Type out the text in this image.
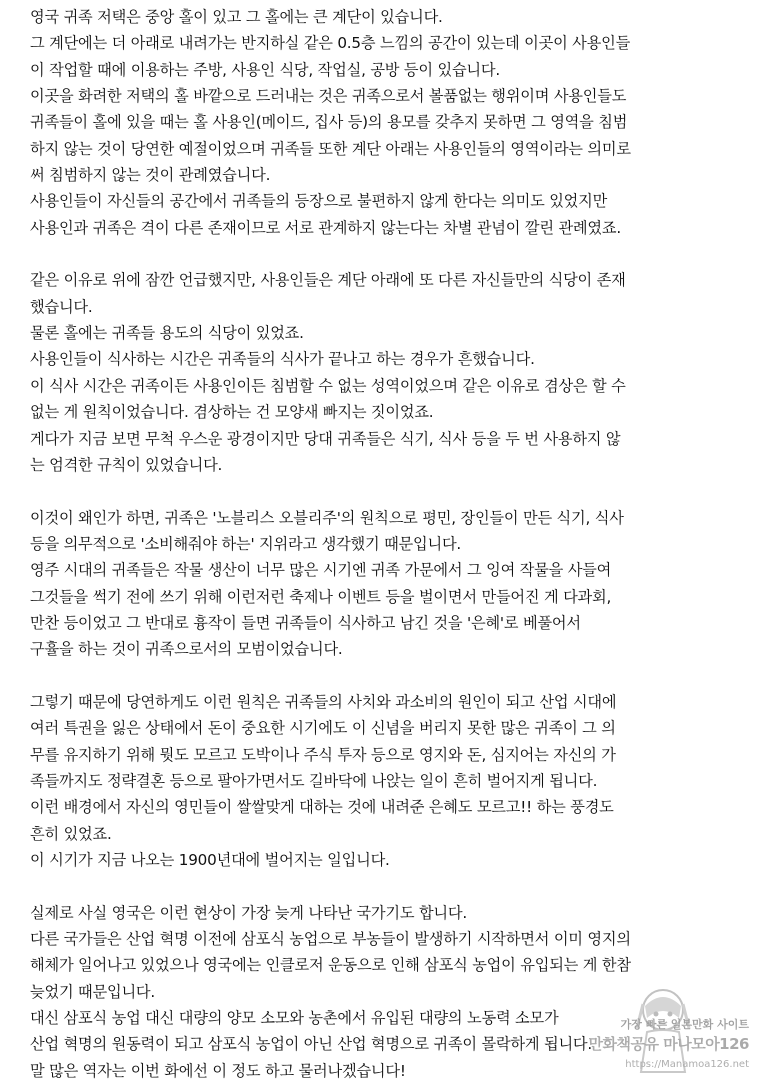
영국 귀족 저택은 중앙 홀이 있고 그 홀에는 큰 계단이 있습니다.
그 계단에는 더 아래로 내려가는 반지하실 같은 0.5층 느낌의 공간이 있는데 이곳이 사용인들
이 작업할 때에 이용하는 주방, 사용인 식당, 작업실, 공방 등이 있습니다.
이곳을 화려한 저택의 홀 바깥으로 드러내는 것은 귀족으로서 볼품없는 행위이며 사용인들도
귀족들이 홀에 있을 때는 홀 사용인(메이드, 집사 등)의 용모를 갖추지 못하면 그 영역을 침범
하지 않는 것이 당연한 예절이었으며 귀족들 또한 계단 아래는 사용인들의 영역이라는 의미로
써 침범하지 않는 것이 관례였습니다.
사용인들이 자신들의 공간에서 귀족들의 등장으로 불편하지 않게 한다는 의미도 있었지만
사용인과 귀족은 격이 다른 존재이므로 서로 관계하지 않는다는 차별 관념이 깔린 관례였죠.
같은 이유로 위에 잠깐 언급했지만, 사용인들은 계단 아래에 또 다른 자신들만의 식당이 존재
했습니다.
물론 홀에는 귀족들 용도의 식당이 있었죠.
사용인들이 식사하는 시간은 귀족들의 식사가 끝나고 하는 경우가 흔했습니다.
이 식사 시간은 귀족이든 사용인이든 침범할 수 없는 성역이었으며 같은 이유로 겸상은 할 수
없는 게 원칙이었습니다. 겸상하는 건 모양새 빠지는 짓이었죠.
게다가 지금 보면 무척 우스운 광경이지만 당대 귀족들은 식기, 식사 등을 두 번 사용하지 않
는 엄격한 규칙이 있었습니다.
이것이 왜인가 하면, 귀족은 '노블리스 오블리주'의 원칙으로 평민, 장인들이 만든 식기, 식사
등을 의무적으로 '소비해줘야 하는' 지위라고 생각했기 때문입니다.
영주 시대의 귀족들은 작물 생산이 너무 많은 시기엔 귀족 가문에서 그 잉여 작물을 사들여
그것들을 썩기 전에 쓰기 위해 이런저런 축제나 이벤트 등을 벌이면서 만들어진 게 다과회,
만찬 등이었고 그 반대로 흉작이 들면 귀족들이 식사하고 남긴 것을 '은혜'로 베풀어서
구휼을 하는 것이 귀족으로서의 모범이었습니다.
그렇기 때문에 당연하게도 이런 원칙은 귀족들의 사치와 과소비의 원인이 되고 산업 시대에
여러 특권을 잃은 상태에서 돈이 중요한 시기에도 이 신념을 버리지 못한 많은 귀족이 그 의
무를 유지하기 위해 뭣도 모르고 도박이나 주식 투자 등으로 영지와 돈, 심지어는 자신의 가
족들까지도 정략결혼 등으로 팔아가면서도 길바닥에 나앉는 일이 흔히 벌어지게 됩니다.
이런 배경에서 자신의 영민들이 쌀쌀맞게 대하는 것에 내려준 은혜도 모르고!! 하는 풍경도
흔히 있었죠.
이 시기가 지금 나오는 1900년대에 벌어지는 일입니다.
실제로 사실 영국은 이런 현상이 가장 늦게 나타난 국가기도 합니다.
다른 국가들은 산업 혁명 이전에 삼포식 농업으로 부농들이 발생하기 시작하면서 이미 영지의
해체가 일어나고 있었으나 영국에는 인클로저 운동으로 인해 삼포식 농업이 유입되는 게 한참
늦었기 때문입니다.
대신 삼포식 농업 대신 대량의 양모 소모와 농촌에서 유입된 대량의 노동력 소모가
산업 혁명의 원동력이 되고 삼포식 농업이 아닌 산업 혁명으로 귀족이 몰락하게 됩니다.
말 많은 역자는 이번 화에선 이 정도 하고 물러나겠습니다!
가장 빠른 일본만화 사이트
만화책공유 마나모아126
https://Manamoa126.net
